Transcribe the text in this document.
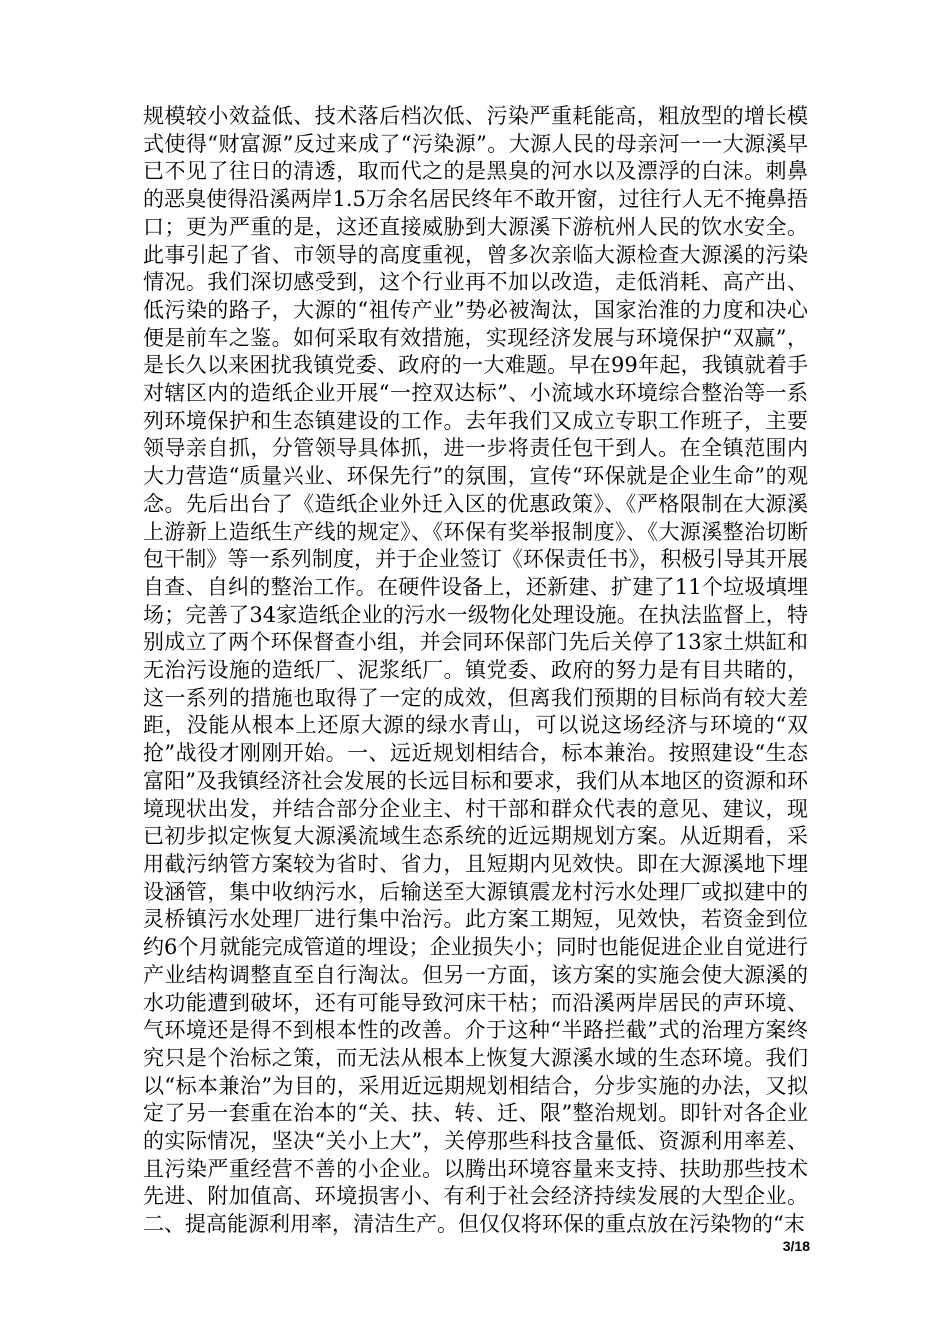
规模较小效益低、技术落后档次低、污染严重耗能高，粗放型的增长模式使得“财富源”反过来成了“污染源”。大源人民的母亲河一一大源溪早已不见了往日的清透，取而代之的是黑臭的河水以及漂浮的白沫。刺鼻的恶臭使得沿溪两岸1.5万余名居民终年不敢开窗，过往行人无不掩鼻捂口；更为严重的是，这还直接威胁到大源溪下游杭州人民的饮水安全。此事引起了省、市领导的高度重视，曾多次亲临大源检查大源溪的污染情况。我们深切感受到，这个行业再不加以改造，走低消耗、高产出、低污染的路子，大源的“祖传产业”势必被淘汰，国家治淮的力度和决心便是前车之鉴。如何采取有效措施，实现经济发展与环境保护“双赢”，是长久以来困扰我镇党委、政府的一大难题。早在99年起，我镇就着手对辖区内的造纸企业开展“一控双达标”、小流域水环境综合整治等一系列环境保护和生态镇建设的工作。去年我们又成立专职工作班子，主要领导亲自抓，分管领导具体抓，进一步将责任包干到人。在全镇范围内大力营造“质量兴业、环保先行”的氛围，宣传“环保就是企业生命”的观念。先后出台了《造纸企业外迁入区的优惠政策》、《严格限制在大源溪上游新上造纸生产线的规定》、《环保有奖举报制度》、《大源溪整治切断包干制》等一系列制度，并于企业签订《环保责任书》，积极引导其开展自查、自纠的整治工作。在硬件设备上，还新建、扩建了11个垃圾填埋场；完善了34家造纸企业的污水一级物化处理设施。在执法监督上，特别成立了两个环保督查小组，并会同环保部门先后关停了13家土烘缸和无治污设施的造纸厂、泥浆纸厂。镇党委、政府的努力是有目共睹的，这一系列的措施也取得了一定的成效，但离我们预期的目标尚有较大差距，没能从根本上还原大源的绿水青山，可以说这场经济与环境的“双抢”战役才刚刚开始。一、远近规划相结合，标本兼治。按照建设“生态富阳”及我镇经济社会发展的长远目标和要求，我们从本地区的资源和环境现状出发，并结合部分企业主、村干部和群众代表的意见、建议，现已初步拟定恢复大源溪流域生态系统的近远期规划方案。从近期看，采用截污纳管方案较为省时、省力，且短期内见效快。即在大源溪地下埋设涵管，集中收纳污水，后输送至大源镇震龙村污水处理厂或拟建中的灵桥镇污水处理厂进行集中治污。此方案工期短，见效快，若资金到位约6个月就能完成管道的埋设；企业损失小；同时也能促进企业自觉进行产业结构调整直至自行淘汰。但另一方面，该方案的实施会使大源溪的水功能遭到破坏，还有可能导致河床干枯；而沿溪两岸居民的声环境、气环境还是得不到根本性的改善。介于这种“半路拦截”式的治理方案终究只是个治标之策，而无法从根本上恢复大源溪水域的生态环境。我们以“标本兼治”为目的，采用近远期规划相结合，分步实施的办法，又拟定了另一套重在治本的“关、扶、转、迁、限”整治规划。即针对各企业的实际情况，坚决“关小上大”，关停那些科技含量低、资源利用率差、且污染严重经营不善的小企业。以腾出环境容量来支持、扶助那些技术先进、附加值高、环境损害小、有利于社会经济持续发展的大型企业。二、提高能源利用率，清洁生产。但仅仅将环保的重点放在污染物的“末

3/18
